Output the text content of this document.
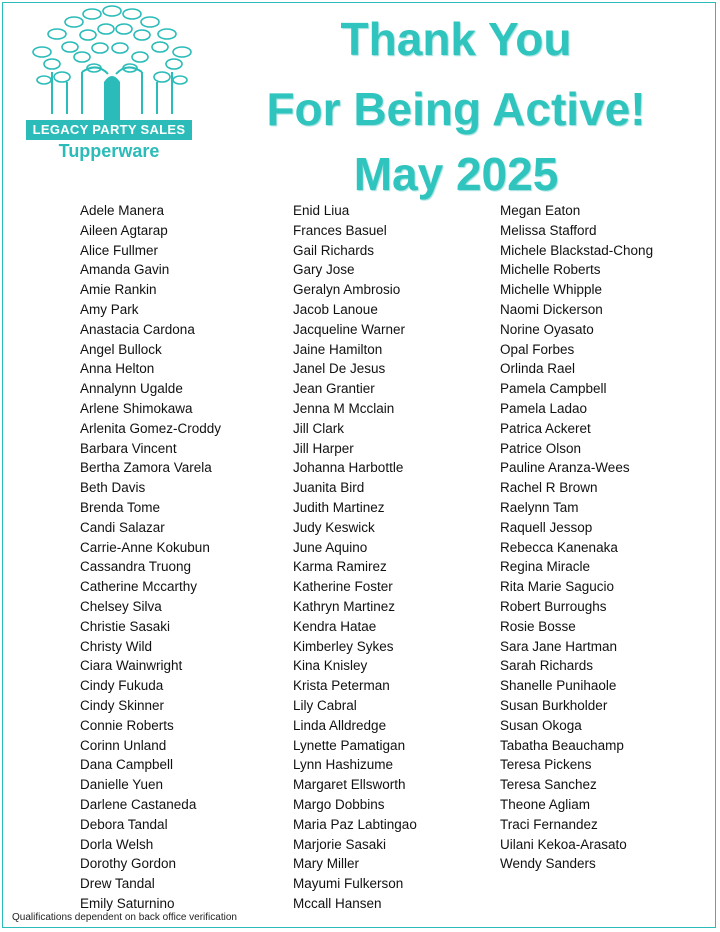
LEGACY PARTY SALES
Tupperware
Thank You
For Being Active!
May 2025
Adele Manera
Aileen Agtarap
Alice Fullmer
Amanda Gavin
Amie Rankin
Amy Park
Anastacia Cardona
Angel Bullock
Anna Helton
Annalynn Ugalde
Arlene Shimokawa
Arlenita Gomez-Croddy
Barbara Vincent
Bertha Zamora Varela
Beth Davis
Brenda Tome
Candi Salazar
Carrie-Anne Kokubun
Cassandra Truong
Catherine Mccarthy
Chelsey Silva
Christie Sasaki
Christy Wild
Ciara Wainwright
Cindy Fukuda
Cindy Skinner
Connie Roberts
Corinn Unland
Dana Campbell
Danielle Yuen
Darlene Castaneda
Debora Tandal
Dorla Welsh
Dorothy Gordon
Drew Tandal
Emily Saturnino
Enid Liua
Frances Basuel
Gail Richards
Gary Jose
Geralyn Ambrosio
Jacob Lanoue
Jacqueline Warner
Jaine Hamilton
Janel De Jesus
Jean Grantier
Jenna M Mcclain
Jill Clark
Jill Harper
Johanna Harbottle
Juanita Bird
Judith Martinez
Judy Keswick
June Aquino
Karma Ramirez
Katherine Foster
Kathryn Martinez
Kendra Hatae
Kimberley Sykes
Kina Knisley
Krista Peterman
Lily Cabral
Linda Alldredge
Lynette Pamatigan
Lynn Hashizume
Margaret Ellsworth
Margo Dobbins
Maria Paz Labtingao
Marjorie Sasaki
Mary Miller
Mayumi Fulkerson
Mccall Hansen
Megan Eaton
Melissa Stafford
Michele Blackstad-Chong
Michelle Roberts
Michelle Whipple
Naomi Dickerson
Norine Oyasato
Opal Forbes
Orlinda Rael
Pamela Campbell
Pamela Ladao
Patrica Ackeret
Patrice Olson
Pauline Aranza-Wees
Rachel R Brown
Raelynn Tam
Raquell Jessop
Rebecca Kanenaka
Regina Miracle
Rita Marie Sagucio
Robert Burroughs
Rosie Bosse
Sara Jane Hartman
Sarah Richards
Shanelle Punihaole
Susan Burkholder
Susan Okoga
Tabatha Beauchamp
Teresa Pickens
Teresa Sanchez
Theone Agliam
Traci Fernandez
Uilani Kekoa-Arasato
Wendy Sanders
Qualifications dependent on back office verification
